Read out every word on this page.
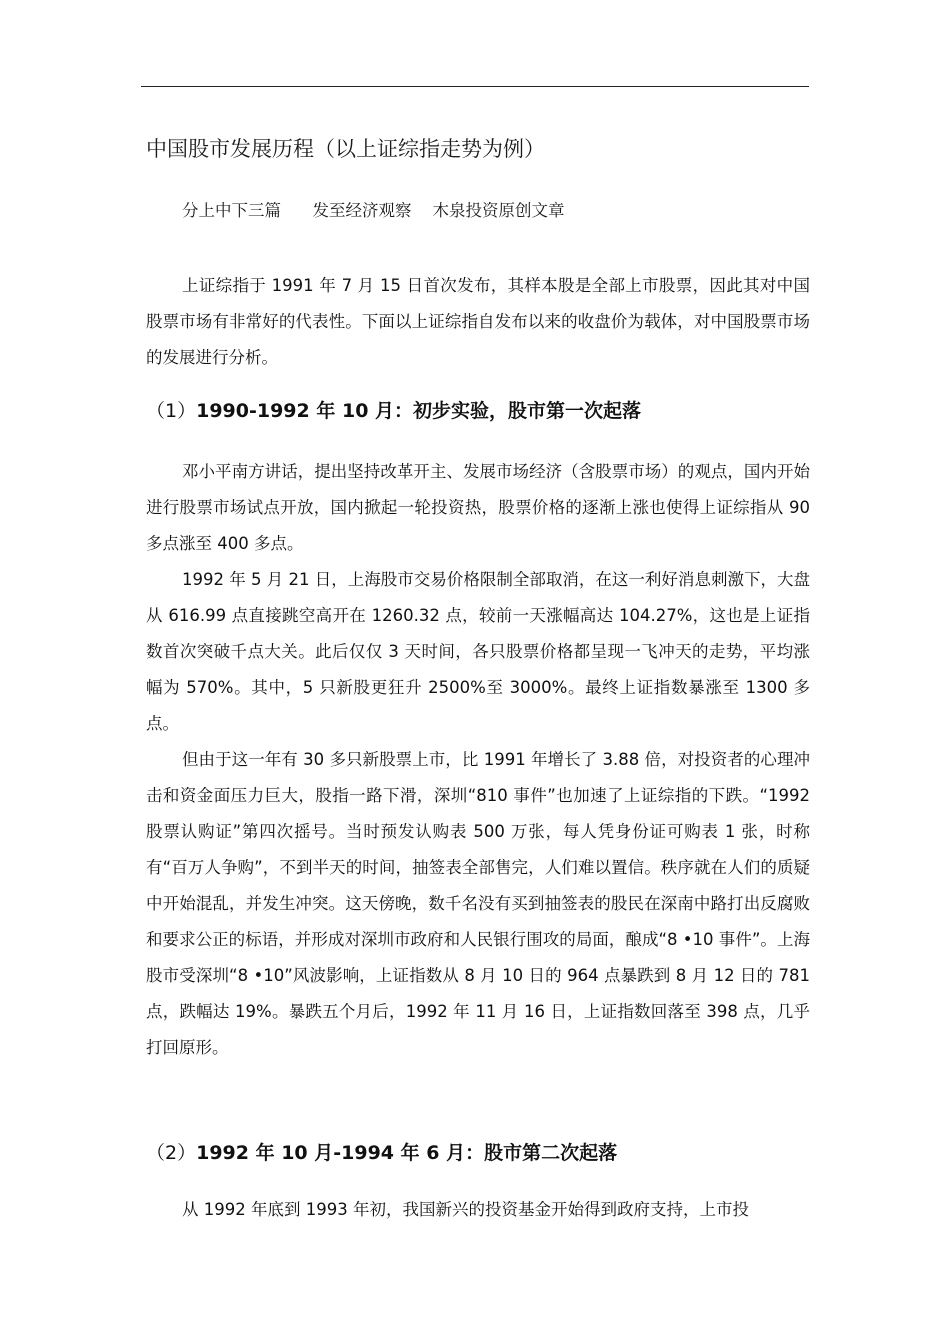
中国股市发展历程（以上证综指走势为例）
分上中下三篇      发至经济观察    木泉投资原创文章

上证综指于 1991 年 7 月 15 日首次发布，其样本股是全部上市股票，因此其对中国股票市场有非常好的代表性。下面以上证综指自发布以来的收盘价为载体，对中国股票市场的发展进行分析。

（1）1990-1992 年 10 月：初步实验，股市第一次起落

邓小平南方讲话，提出坚持改革开主、发展市场经济（含股票市场）的观点，国内开始进行股票市场试点开放，国内掀起一轮投资热，股票价格的逐渐上涨也使得上证综指从 90 多点涨至 400 多点。

1992 年 5 月 21 日，上海股市交易价格限制全部取消，在这一利好消息刺激下，大盘从 616.99 点直接跳空高开在 1260.32 点，较前一天涨幅高达 104.27%，这也是上证指数首次突破千点大关。此后仅仅 3 天时间，各只股票价格都呈现一飞冲天的走势，平均涨幅为 570%。其中，5 只新股更狂升 2500%至 3000%。最终上证指数暴涨至 1300 多点。

但由于这一年有 30 多只新股票上市，比 1991 年增长了 3.88 倍，对投资者的心理冲击和资金面压力巨大，股指一路下滑，深圳“810 事件”也加速了上证综指的下跌。“1992 股票认购证”第四次摇号。当时预发认购表 500 万张，每人凭身份证可购表 1 张，时称有“百万人争购”，不到半天的时间，抽签表全部售完，人们难以置信。秩序就在人们的质疑中开始混乱，并发生冲突。这天傍晚，数千名没有买到抽签表的股民在深南中路打出反腐败和要求公正的标语，并形成对深圳市政府和人民银行围攻的局面，酿成“8 •10 事件”。上海股市受深圳“8 •10”风波影响，上证指数从 8 月 10 日的 964 点暴跌到 8 月 12 日的 781 点，跌幅达 19%。暴跌五个月后，1992 年 11 月 16 日，上证指数回落至 398 点，几乎打回原形。

（2）1992 年 10 月-1994 年 6 月：股市第二次起落

从 1992 年底到 1993 年初，我国新兴的投资基金开始得到政府支持，上市投
